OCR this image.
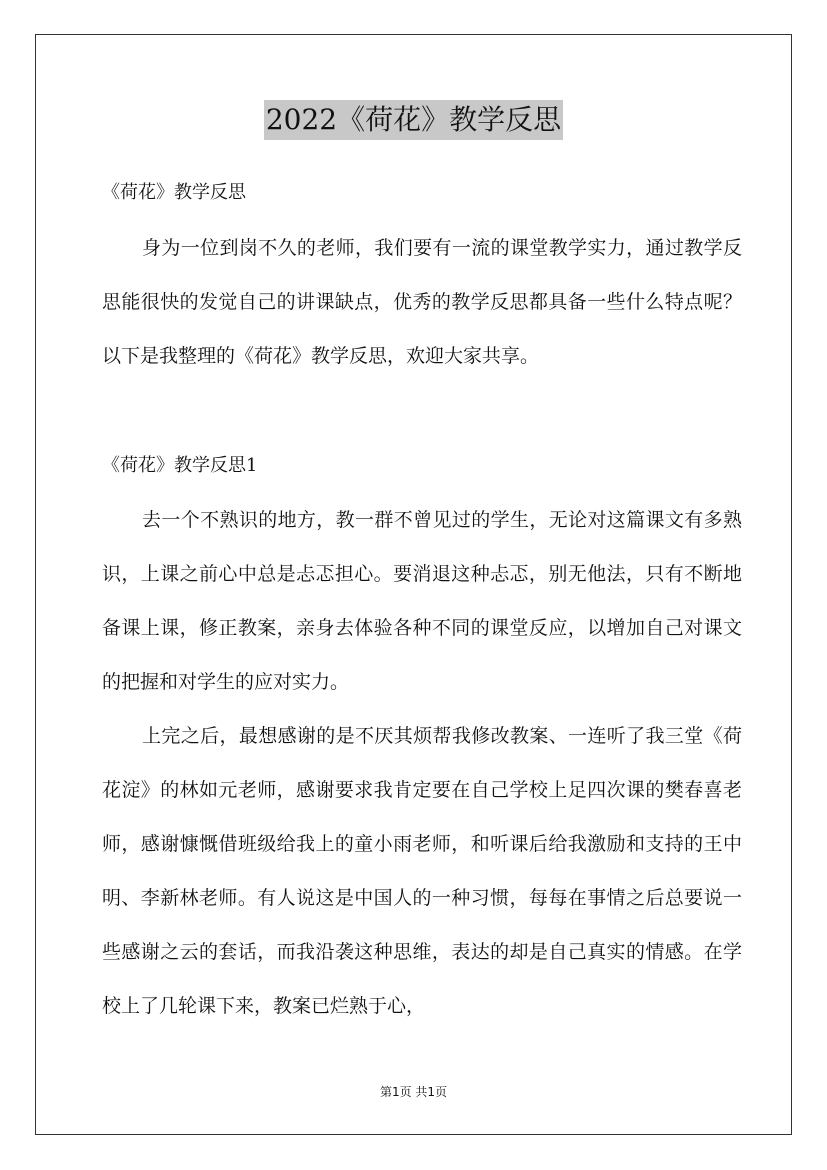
2022《荷花》教学反思
《荷花》教学反思

身为一位到岗不久的老师，我们要有一流的课堂教学实力，通过教学反思能很快的发觉自己的讲课缺点，优秀的教学反思都具备一些什么特点呢？以下是我整理的《荷花》教学反思，欢迎大家共享。

《荷花》教学反思1

去一个不熟识的地方，教一群不曾见过的学生，无论对这篇课文有多熟识，上课之前心中总是忐忑担心。要消退这种忐忑，别无他法，只有不断地备课上课，修正教案，亲身去体验各种不同的课堂反应，以增加自己对课文的把握和对学生的应对实力。

上完之后，最想感谢的是不厌其烦帮我修改教案、一连听了我三堂《荷花淀》的林如元老师，感谢要求我肯定要在自己学校上足四次课的樊春喜老师，感谢慷慨借班级给我上的童小雨老师，和听课后给我激励和支持的王中明、李新林老师。有人说这是中国人的一种习惯，每每在事情之后总要说一些感谢之云的套话，而我沿袭这种思维，表达的却是自己真实的情感。在学校上了几轮课下来，教案已烂熟于心，

第1页 共1页
